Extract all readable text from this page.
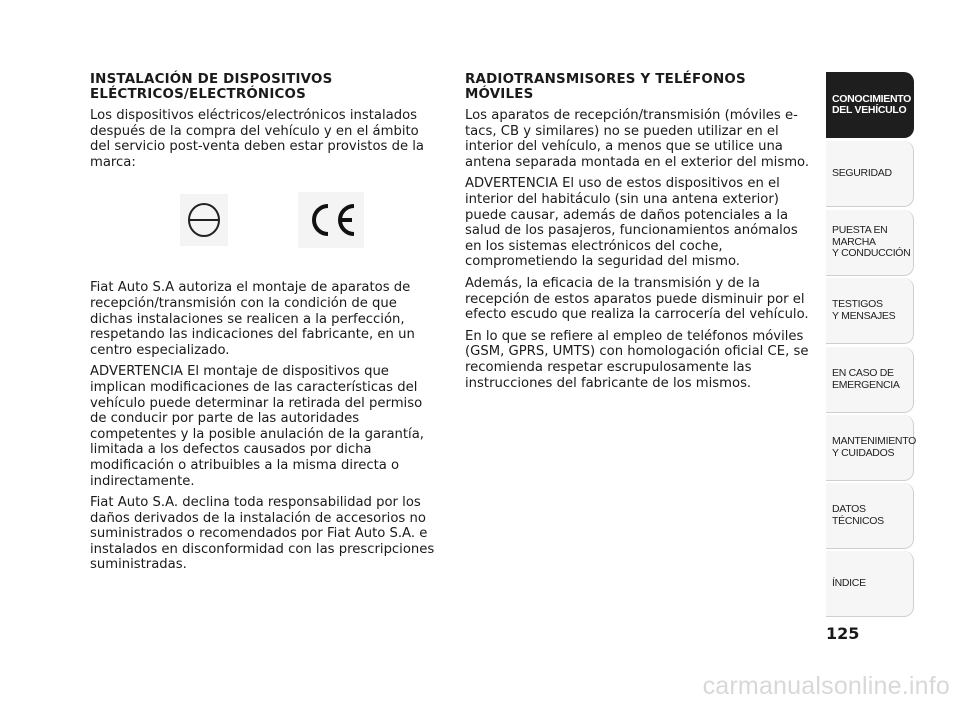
INSTALACIÓN DE DISPOSITIVOS
ELÉCTRICOS/ELECTRÓNICOS

Los dispositivos eléctricos/electrónicos instalados después de la compra del vehículo y en el ámbito del servicio post-venta deben estar provistos de la marca:

Fiat Auto S.A autoriza el montaje de aparatos de recepción/transmisión con la condición de que dichas instalaciones se realicen a la perfección, respetando las indicaciones del fabricante, en un centro especializado.

ADVERTENCIA El montaje de dispositivos que implican modificaciones de las características del vehículo puede determinar la retirada del permiso de conducir por parte de las autoridades competentes y la posible anulación de la garantía, limitada a los defectos causados por dicha modificación o atribuibles a la misma directa o indirectamente.

Fiat Auto S.A. declina toda responsabilidad por los daños derivados de la instalación de accesorios no suministrados o recomendados por Fiat Auto S.A. e instalados en disconformidad con las prescripciones suministradas.

RADIOTRANSMISORES Y TELÉFONOS
MÓVILES

Los aparatos de recepción/transmisión (móviles e-tacs, CB y similares) no se pueden utilizar en el interior del vehículo, a menos que se utilice una antena separada montada en el exterior del mismo.

ADVERTENCIA El uso de estos dispositivos en el interior del habitáculo (sin una antena exterior) puede causar, además de daños potenciales a la salud de los pasajeros, funcionamientos anómalos en los sistemas electrónicos del coche, comprometiendo la seguridad del mismo.

Además, la eficacia de la transmisión y de la recepción de estos aparatos puede disminuir por el efecto escudo que realiza la carrocería del vehículo.

En lo que se refiere al empleo de teléfonos móviles (GSM, GPRS, UMTS) con homologación oficial CE, se recomienda respetar escrupulosamente las instrucciones del fabricante de los mismos.

CONOCIMIENTO
DEL VEHÍCULO
SEGURIDAD
PUESTA EN
MARCHA
Y CONDUCCIÓN
TESTIGOS
Y MENSAJES
EN CASO DE
EMERGENCIA
MANTENIMIENTO
Y CUIDADOS
DATOS
TÉCNICOS
ÍNDICE
125
carmanualsonline.info
